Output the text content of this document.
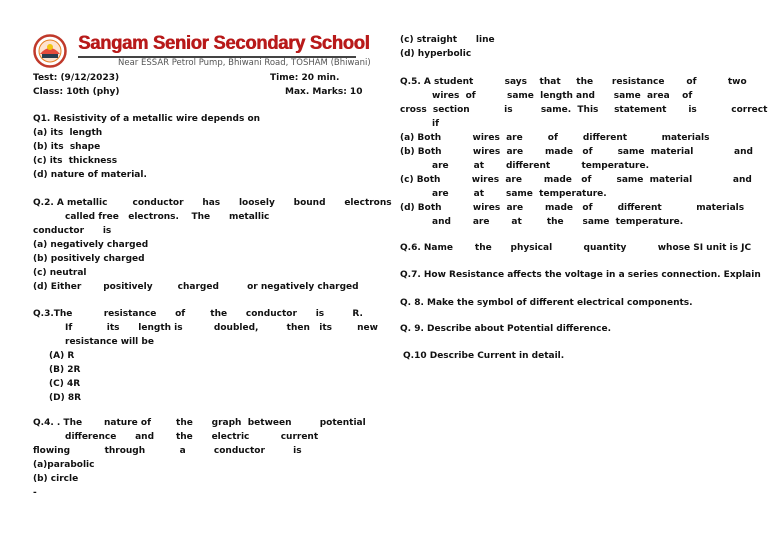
Sangam Senior Secondary School
Near ESSAR Petrol Pump, Bhiwani Road, TOSHAM (Bhiwani)
Test: (9/12/2023)	Time: 20 min.
Class: 10th (phy)	Max. Marks: 10
Q1. Resistivity of a metallic wire depends on
(a) its  length
(b) its  shape
(c) its  thickness
(d) nature of material.
Q.2. A metallic        conductor      has      loosely      bound      electrons
called free   electrons.    The      metallic
conductor      is
(a) negatively charged
(b) positively charged
(c) neutral
(d) Either       positively        charged         or negatively charged
Q.3.The          resistance      of        the      conductor      is         R.
If           its      length is          doubled,         then   its        new
resistance will be
(A) R
(B) 2R
(C) 4R
(D) 8R
Q.4. . The       nature of        the      graph  between         potential
difference      and       the      electric          current
flowing           through           a         conductor         is
(a)parabolic
(b) circle
-
(c) straight      line
(d) hyperbolic
Q.5. A student          says    that     the      resistance       of          two
wires  of          same  length and      same  area    of
cross  section           is         same.  This     statement       is           correct
if
(a) Both          wires  are        of        different           materials
(b) Both          wires  are       made   of        same  material             and
are        at       different          temperature.
(c) Both          wires  are       made   of        same  material             and
are        at       same  temperature.
(d) Both          wires  are       made   of        different           materials
and       are       at        the      same  temperature.
Q.6. Name       the      physical          quantity          whose SI unit is JC
Q.7. How Resistance affects the voltage in a series connection. Explain
Q. 8. Make the symbol of different electrical components.
Q. 9. Describe about Potential difference.
Q.10 Describe Current in detail.
